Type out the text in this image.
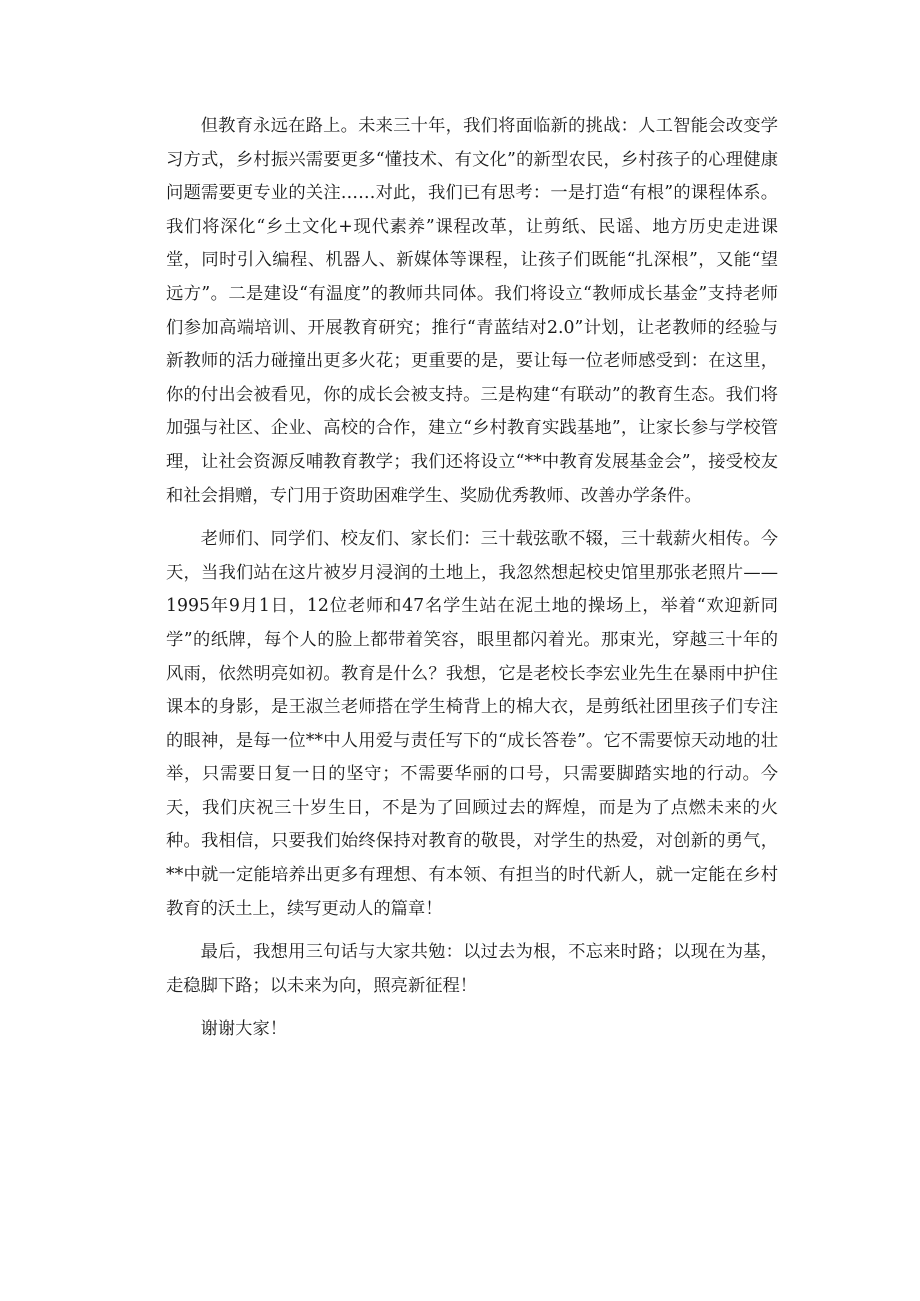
但教育永远在路上。未来三十年，我们将面临新的挑战：人工智能会改变学习方式，乡村振兴需要更多“懂技术、有文化”的新型农民，乡村孩子的心理健康问题需要更专业的关注……对此，我们已有思考：一是打造“有根”的课程体系。我们将深化“乡土文化+现代素养”课程改革，让剪纸、民谣、地方历史走进课堂，同时引入编程、机器人、新媒体等课程，让孩子们既能“扎深根”，又能“望远方”。二是建设“有温度”的教师共同体。我们将设立“教师成长基金”支持老师们参加高端培训、开展教育研究；推行“青蓝结对2.0”计划，让老教师的经验与新教师的活力碰撞出更多火花；更重要的是，要让每一位老师感受到：在这里，你的付出会被看见，你的成长会被支持。三是构建“有联动”的教育生态。我们将加强与社区、企业、高校的合作，建立“乡村教育实践基地”，让家长参与学校管理，让社会资源反哺教育教学；我们还将设立“**中教育发展基金会”，接受校友和社会捐赠，专门用于资助困难学生、奖励优秀教师、改善办学条件。

老师们、同学们、校友们、家长们：三十载弦歌不辍，三十载薪火相传。今天，当我们站在这片被岁月浸润的土地上，我忽然想起校史馆里那张老照片——1995年9月1日，12位老师和47名学生站在泥土地的操场上，举着“欢迎新同学”的纸牌，每个人的脸上都带着笑容，眼里都闪着光。那束光，穿越三十年的风雨，依然明亮如初。教育是什么？我想，它是老校长李宏业先生在暴雨中护住课本的身影，是王淑兰老师搭在学生椅背上的棉大衣，是剪纸社团里孩子们专注的眼神，是每一位**中人用爱与责任写下的“成长答卷”。它不需要惊天动地的壮举，只需要日复一日的坚守；不需要华丽的口号，只需要脚踏实地的行动。今天，我们庆祝三十岁生日，不是为了回顾过去的辉煌，而是为了点燃未来的火种。我相信，只要我们始终保持对教育的敬畏，对学生的热爱，对创新的勇气，**中就一定能培养出更多有理想、有本领、有担当的时代新人，就一定能在乡村教育的沃土上，续写更动人的篇章！

最后，我想用三句话与大家共勉：以过去为根，不忘来时路；以现在为基，走稳脚下路；以未来为向，照亮新征程！

谢谢大家！
